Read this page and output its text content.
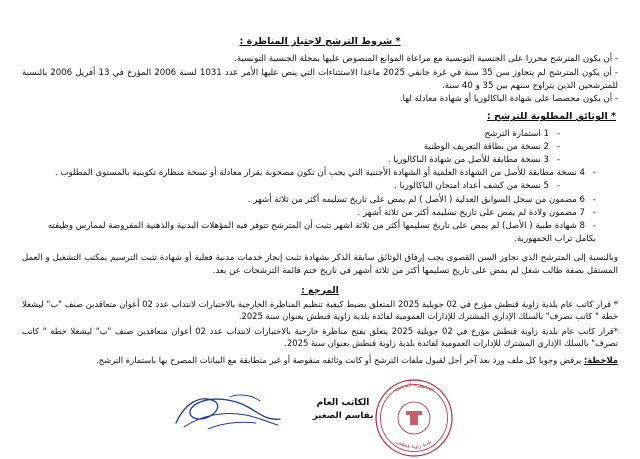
* شروط الترشح لاجتياز المناظرة :
- أن يكون المترشح محرزا على الجنسية التونسية مع مراعاة الموانع المنصوص عليها بمجلة الجنسية التونسية.
- أن يكون المترشح لم يتجاوز سن 35 سنة في غرة جانفي 2025 ماعدا الاستثناءات التي ينص عليها الأمر عدد 1031 لسنة 2006 المؤرخ في 13 أفريل 2006 بالنسبة للمترشحين الذين يتراوح سنهم بين 35 و 40 سنة.
- أن يكون محصصا على شهادة الباكالوريا أو شهادة معادلة لها.
* الوثائق المطلوبة للترشح :
-1 استمارة الترشح
-2 نسخة من بطاقة التعريف الوطنية
-3 نسخة مطابقة للأصل من شهادة الباكالوريا .
-4 نسخة مطابقة للأصل من الشهادة العلمية أو الشهادة الأجنبية التي يجب أن تكون مصحوبة بقرار معادلة أو نسخة منظارة تكوينية بالمستوى المطلوب .
-5 نسخة من كشف أعداد امتحان الباكالوريا .
-6 مضمون من سجل السوابق العدلية ( الأصل ) لم يمض على تاريخ تسليمه أكثر من ثلاثة أشهر .
-7 مضمون ولادة لم يمض على تاريخ تسليمه أكثر من ثلاثة أشهر .
-8 شهادة طبية ( الأصل) لم يمض على تاريخ تسليمها أكثر من ثلاثة اشهر تثبت أن المترشح تتوفر فيه المؤهلات البدنية والذهنية المفروضة لممارس وظيفته بكامل تراب الجمهورية.
وبالنسبة إلى المترشح الذي تجاوز السن القصوى يجب إرفاق الوثائق سابقة الذكر بشهادة تثبت إنجاز خدمات مدنية فعلية أو شهادة تثبت الترسيم بمكتب التشغيل و العمل المستقل بصفة طالب شغل لم يمض على تاريخ تسليمها أكثر من ثلاثة أشهر في تاريخ ختم قائمة الترشحات عن بعد.
المرجع :
* قرار كاتب عام بلدية زاوية قنطش مؤرخ في 02 جويلية 2025 المتعلق بضبط كيفية تنظيم المناظرة الخارجية بالاختبارات لانتداب عدد 02 أعوان متعاقدين صنف "ب" ليشغلا خطة " كاتب تصرف" بالسلك الإداري المشترك للإدارات العمومية لفائدة بلدية زاوية قنطش بعنوان سنة 2025.
*قرار كاتب عام بلدية زاوية قنطش مؤرخ في 02 جويلية 2025 يتعلق بفتح مناظرة خارجية بالاختبارات لانتداب عدد 02 أعوان متعاقدين صنف "ب" ليشغلا خطة " كاتب تصرف" بالسلك الإداري المشترك للإدارات العمومية لفائدة بلدية زاوية قنطش بعنوان سنة 2025.
ملاحظة: يرفض وجوبا كل ملف ورد بعد آخر أجل لقبول ملفات الترشح أو كانت وثائقه منقوصة أو غير متطابقة مع البيانات المصرح بها باستمارة الترشح.
الجمهورية التونسية
بلدية زاوية قنطش
الكاتب العام
بقاسم الصغير
